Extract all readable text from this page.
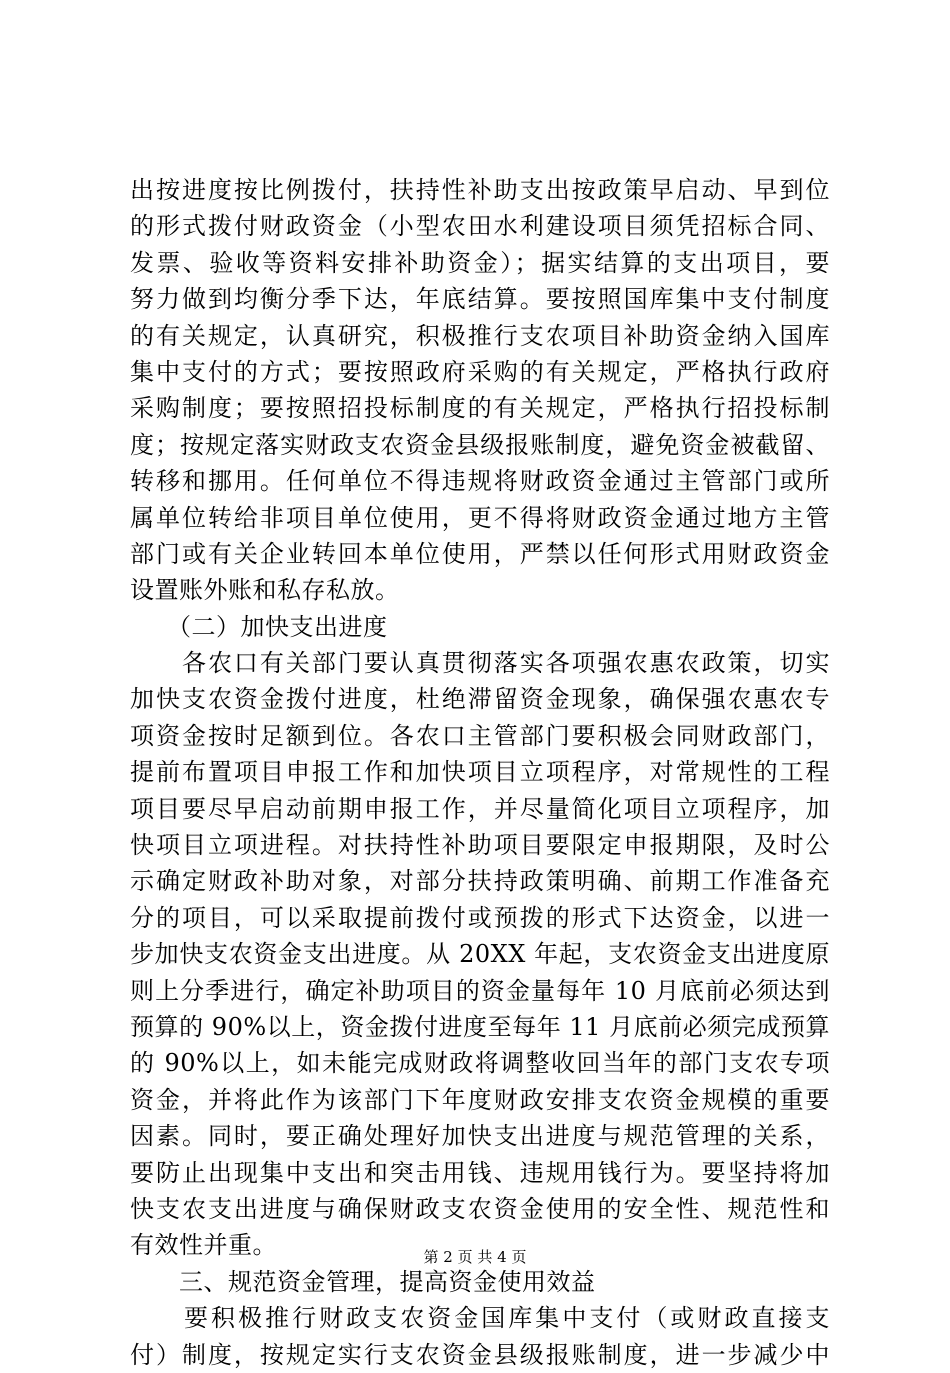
出按进度按比例拨付，扶持性补助支出按政策早启动、早到位
的形式拨付财政资金（小型农田水利建设项目须凭招标合同、
发票、验收等资料安排补助资金）；据实结算的支出项目，要
努力做到均衡分季下达，年底结算。要按照国库集中支付制度
的有关规定，认真研究，积极推行支农项目补助资金纳入国库
集中支付的方式；要按照政府采购的有关规定，严格执行政府
采购制度；要按照招投标制度的有关规定，严格执行招投标制
度；按规定落实财政支农资金县级报账制度，避免资金被截留、
转移和挪用。任何单位不得违规将财政资金通过主管部门或所
属单位转给非项目单位使用，更不得将财政资金通过地方主管
部门或有关企业转回本单位使用，严禁以任何形式用财政资金
设置账外账和私存私放。
　　（二）加快支出进度
　　各农口有关部门要认真贯彻落实各项强农惠农政策，切实
加快支农资金拨付进度，杜绝滞留资金现象，确保强农惠农专
项资金按时足额到位。各农口主管部门要积极会同财政部门，
提前布置项目申报工作和加快项目立项程序，对常规性的工程
项目要尽早启动前期申报工作，并尽量简化项目立项程序，加
快项目立项进程。对扶持性补助项目要限定申报期限，及时公
示确定财政补助对象，对部分扶持政策明确、前期工作准备充
分的项目，可以采取提前拨付或预拨的形式下达资金，以进一
步加快支农资金支出进度。从 20XX 年起，支农资金支出进度原
则上分季进行，确定补助项目的资金量每年 10 月底前必须达到
预算的 90%以上，资金拨付进度至每年 11 月底前必须完成预算
的 90%以上，如未能完成财政将调整收回当年的部门支农专项
资金，并将此作为该部门下年度财政安排支农资金规模的重要
因素。同时，要正确处理好加快支出进度与规范管理的关系，
要防止出现集中支出和突击用钱、违规用钱行为。要坚持将加
快支农支出进度与确保财政支农资金使用的安全性、规范性和
有效性并重。
　　三、规范资金管理，提高资金使用效益
　　要积极推行财政支农资金国库集中支付（或财政直接支
付）制度，按规定实行支农资金县级报账制度，进一步减少中
第 2 页 共 4 页
